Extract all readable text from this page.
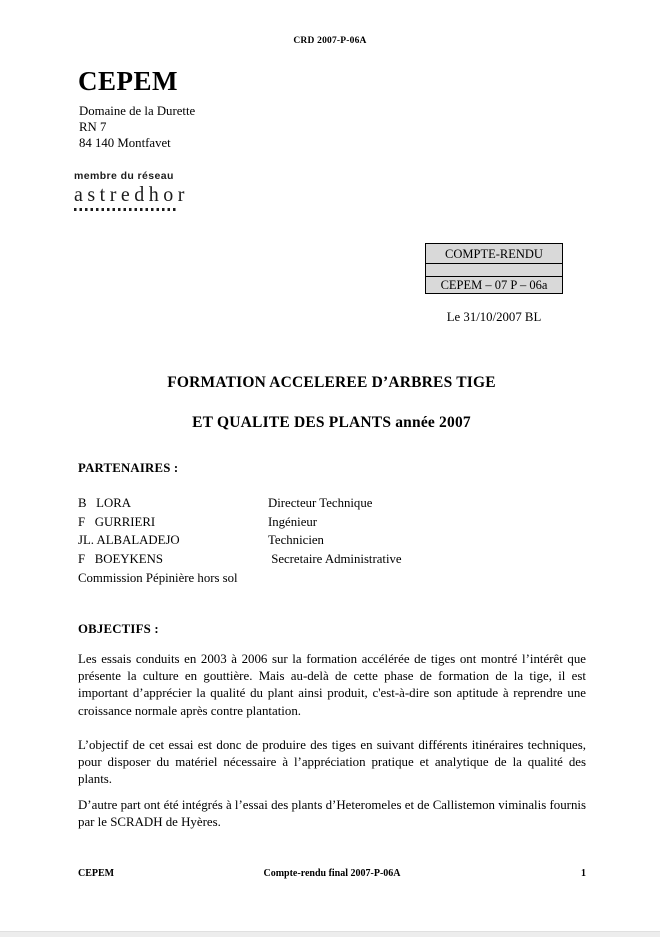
CRD 2007-P-06A
CEPEM
Domaine de la Durette
RN 7
84 140 Montfavet
membre du réseau
astredhor
COMPTE-RENDU
CEPEM – 07 P – 06a
Le 31/10/2007 BL
FORMATION ACCELEREE D’ARBRES TIGE
ET QUALITE DES PLANTS année 2007
PARTENAIRES :
B   LORA	Directeur Technique
F   GURRIERI	Ingénieur
JL. ALBALADEJO	Technicien
F   BOEYKENS	Secretaire Administrative
Commission Pépinière hors sol
OBJECTIFS :
Les essais conduits en 2003 à 2006 sur la formation accélérée de tiges ont montré l’intérêt que présente la culture en gouttière. Mais au-delà de cette phase de formation de la tige, il est important d’apprécier la qualité du plant ainsi produit, c'est-à-dire son aptitude à reprendre une croissance normale après contre plantation.
L’objectif de cet essai est donc de produire des tiges en suivant différents itinéraires techniques, pour disposer du matériel nécessaire à l’appréciation pratique et analytique de la qualité des plants.
D’autre part ont été intégrés à l’essai des plants d’Heteromeles et de Callistemon viminalis fournis par le SCRADH de Hyères.
CEPEM	Compte-rendu final 2007-P-06A	1
